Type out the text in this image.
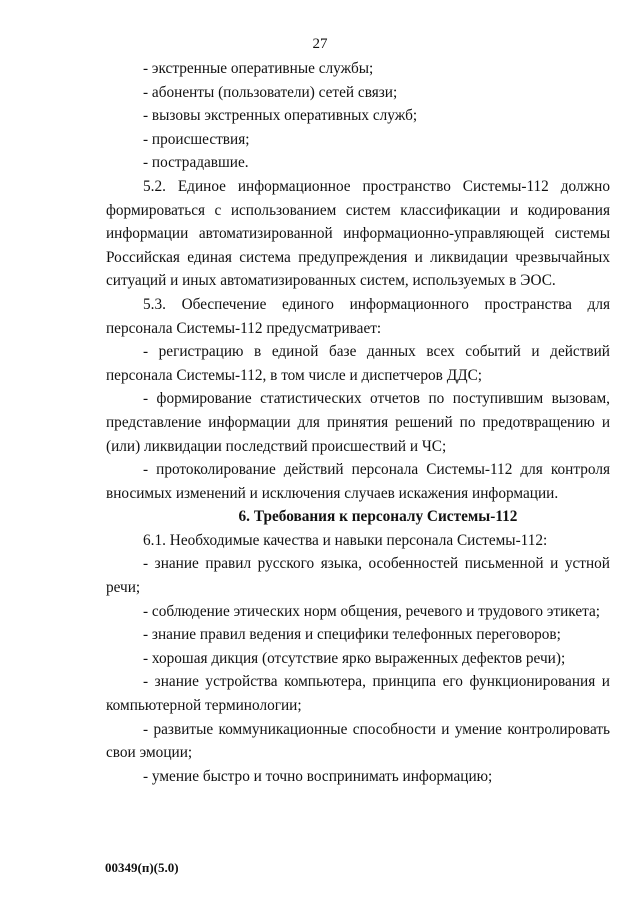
27

- экстренные оперативные службы;

- абоненты (пользователи) сетей связи;

- вызовы экстренных оперативных служб;

- происшествия;

- пострадавшие.

5.2. Единое информационное пространство Системы-112 должно формироваться с использованием систем классификации и кодирования информации автоматизированной информационно-управляющей системы Российская единая система предупреждения и ликвидации чрезвычайных ситуаций и иных автоматизированных систем, используемых в ЭОС.

5.3. Обеспечение единого информационного пространства для персонала Системы-112 предусматривает:

- регистрацию в единой базе данных всех событий и действий персонала Системы-112, в том числе и диспетчеров ДДС;

- формирование статистических отчетов по поступившим вызовам, представление информации для принятия решений по предотвращению и (или) ликвидации последствий происшествий и ЧС;

- протоколирование действий персонала Системы-112 для контроля вносимых изменений и исключения случаев искажения информации.

6. Требования к персоналу Системы-112

6.1. Необходимые качества и навыки персонала Системы-112:

- знание правил русского языка, особенностей письменной и устной речи;

- соблюдение этических норм общения, речевого и трудового этикета;

- знание правил ведения и специфики телефонных переговоров;

- хорошая дикция (отсутствие ярко выраженных дефектов речи);

- знание устройства компьютера, принципа его функционирования и компьютерной терминологии;

- развитые коммуникационные способности и умение контролировать свои эмоции;

- умение быстро и точно воспринимать информацию;

00349(п)(5.0)
